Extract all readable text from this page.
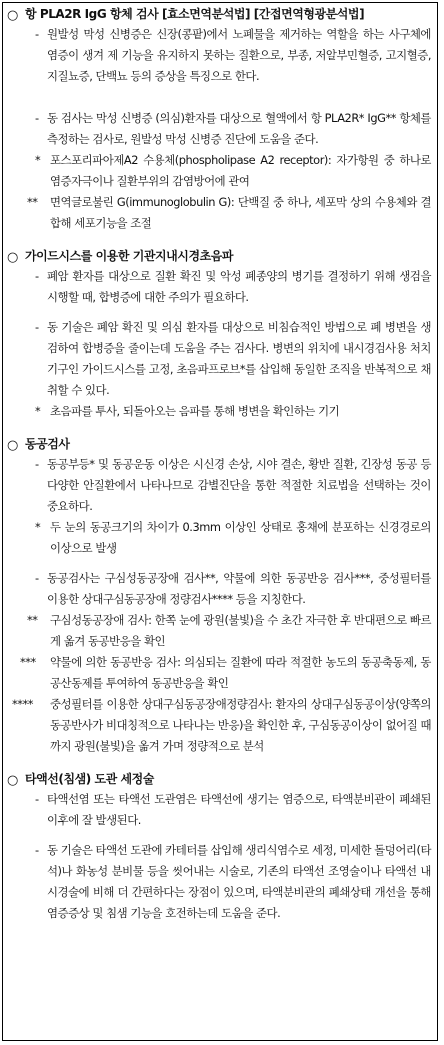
○ 항 PLA2R IgG 항체 검사 [효소면역분석법] [간접면역형광분석법]
- 원발성 막성 신병증은 신장(콩팥)에서 노폐물을 제거하는 역할을 하는 사구체에 염증이 생겨 제 기능을 유지하지 못하는 질환으로, 부종, 저알부민혈증, 고지혈증, 지질뇨증, 단백뇨 등의 증상을 특징으로 한다.
- 동 검사는 막성 신병증 (의심)환자를 대상으로 혈액에서 항 PLA2R* IgG** 항체를 측정하는 검사로, 원발성 막성 신병증 진단에 도움을 준다.
* 포스포리파아제A2 수용체(phospholipase A2 receptor): 자가항원 중 하나로 염증자극이나 질환부위의 감염방어에 관여
** 면역글로불린 G(immunoglobulin G): 단백질 중 하나, 세포막 상의 수용체와 결합해 세포기능을 조절
○ 가이드시스를 이용한 기관지내시경초음파
- 폐암 환자를 대상으로 질환 확진 및 악성 폐종양의 병기를 결정하기 위해 생검을 시행할 때, 합병증에 대한 주의가 필요하다.
- 동 기술은 폐암 확진 및 의심 환자를 대상으로 비침습적인 방법으로 폐 병변을 생검하여 합병증을 줄이는데 도움을 주는 검사다. 병변의 위치에 내시경검사용 처치기구인 가이드시스를 고정, 초음파프로브*를 삽입해 동일한 조직을 반복적으로 채취할 수 있다.
* 초음파를 투사, 되돌아오는 음파를 통해 병변을 확인하는 기기
○ 동공검사
- 동공부등* 및 동공운동 이상은 시신경 손상, 시야 결손, 황반 질환, 긴장성 동공 등 다양한 안질환에서 나타나므로 감별진단을 통한 적절한 치료법을 선택하는 것이 중요하다.
* 두 눈의 동공크기의 차이가 0.3mm 이상인 상태로 홍채에 분포하는 신경경로의 이상으로 발생
- 동공검사는 구심성동공장애 검사**, 약물에 의한 동공반응 검사***, 중성필터를 이용한 상대구심동공장애 정량검사**** 등을 지칭한다.
** 구심성동공장애 검사: 한쪽 눈에 광원(불빛)을 수 초간 자극한 후 반대편으로 빠르게 옮겨 동공반응을 확인
*** 약물에 의한 동공반응 검사: 의심되는 질환에 따라 적절한 농도의 동공축동제, 동공산동제를 투여하여 동공반응을 확인
**** 중성필터를 이용한 상대구심동공장애정량검사: 환자의 상대구심동공이상(양쪽의 동공반사가 비대칭적으로 나타나는 반응)을 확인한 후, 구심동공이상이 없어질 때까지 광원(불빛)을 옮겨 가며 정량적으로 분석
○ 타액선(침샘) 도관 세정술
- 타액선염 또는 타액선 도관염은 타액선에 생기는 염증으로, 타액분비관이 폐쇄된 이후에 잘 발생된다.
- 동 기술은 타액선 도관에 카테터를 삽입해 생리식염수로 세정, 미세한 돌덩어리(타석)나 화농성 분비물 등을 씻어내는 시술로, 기존의 타액선 조영술이나 타액선 내시경술에 비해 더 간편하다는 장점이 있으며, 타액분비관의 폐쇄상태 개선을 통해 염증증상 및 침샘 기능을 호전하는데 도움을 준다.
